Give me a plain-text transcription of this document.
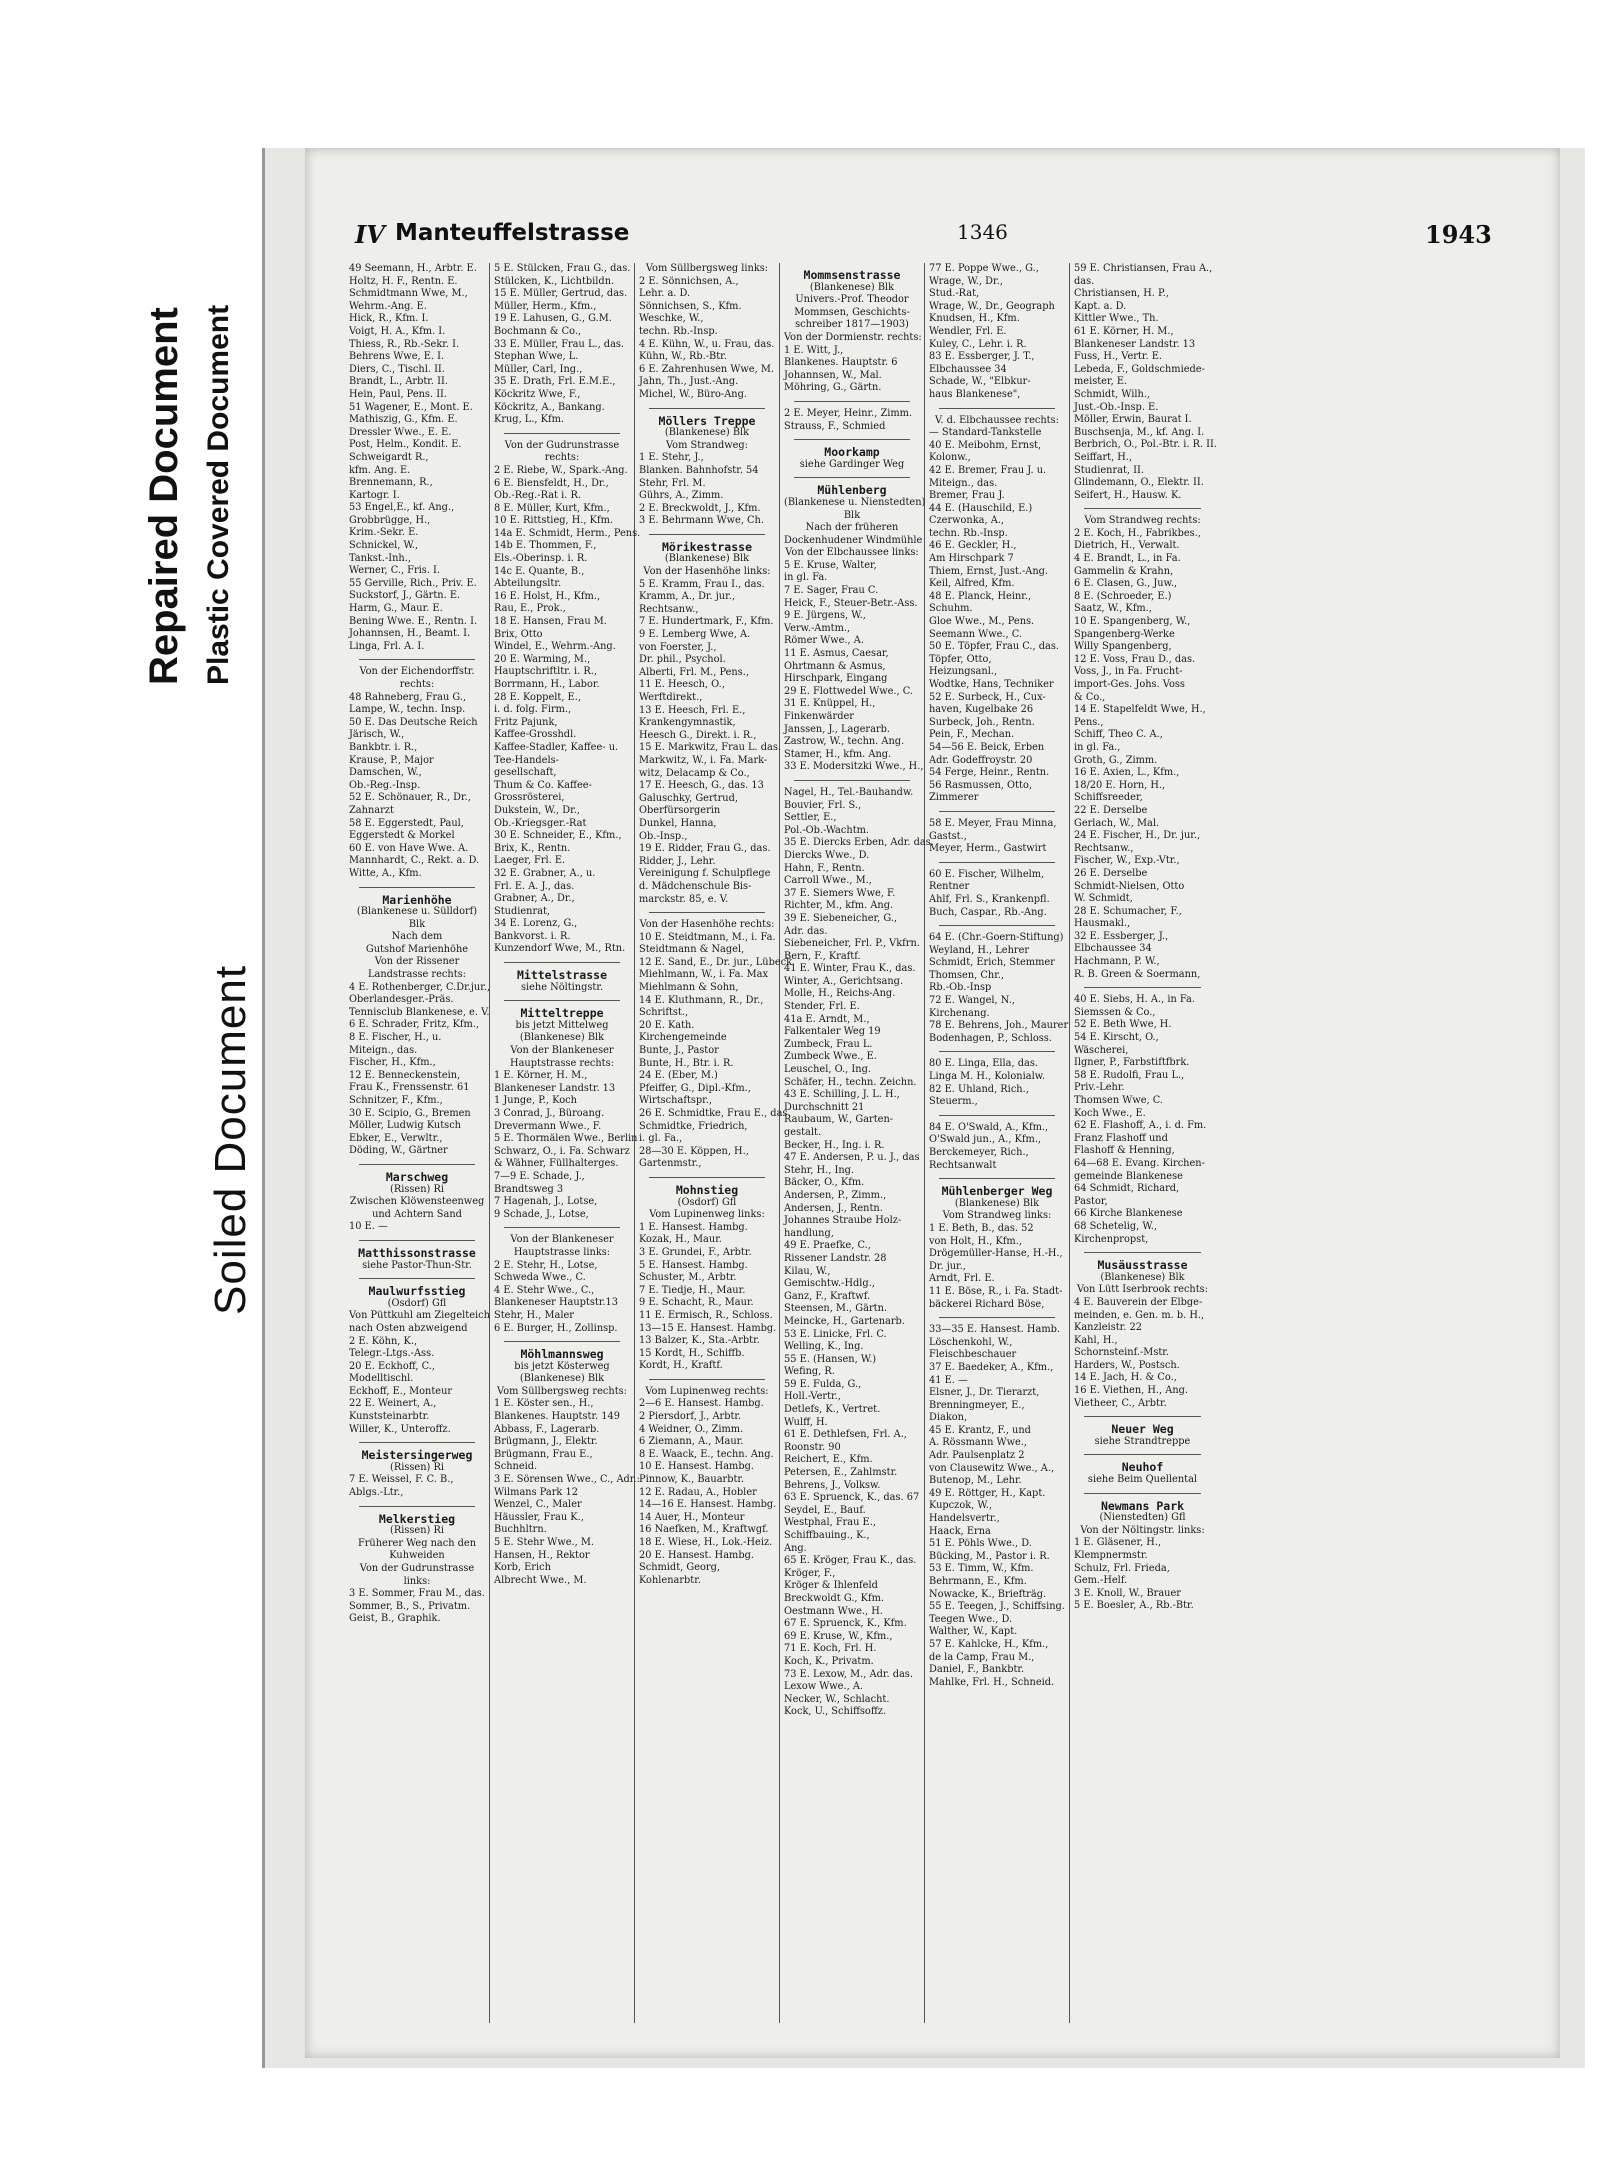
Repaired Document Plastic Covered Document
Soiled Document
IV Manteuffelstrasse	1346	1943

49 Seemann, H., Arbtr. E.

Holtz, H. F., Rentn. E.

Schmidtmann Wwe, M.,

Wehrm.-Ang. E.

Hick, R., Kfm. I.

Voigt, H. A., Kfm. I.

Thiess, R., Rb.-Sekr. I.

Behrens Wwe, E. I.

Diers, C., Tischl. II.

Brandt, L., Arbtr. II.

Hein, Paul, Pens. II.

51 Wagener, E., Mont. E.

Mathiszig, G., Kfm. E.

Dressler Wwe., E. E.

Post, Helm., Kondit. E.

Schweigardt R.,

kfm. Ang. E.

Brennemann, R.,

Kartogr. I.

53 Engel,E., kf. Ang.,

Grobbrügge, H.,

Krim.-Sekr. E.

Schnickel, W.,

Tankst.-Inh.,

Werner, C., Fris. I.

55 Gerville, Rich., Priv. E.

Suckstorf, J., Gärtn. E.

Harm, G., Maur. E.

Bening Wwe. E., Rentn. I.

Johannsen, H., Beamt. I.

Linga, Frl. A. I.

Von der Eichendorffstr.

rechts:

48 Rahneberg, Frau G.,

Lampe, W., techn. Insp.

50 E. Das Deutsche Reich

Järisch, W.,

Bankbtr. i. R.,

Krause, P., Major

Damschen, W.,

Ob.-Reg.-Insp.

52 E. Schönauer, R., Dr.,

Zahnarzt

58 E. Eggerstedt, Paul,

Eggerstedt & Morkel

60 E. von Have Wwe. A.

Mannhardt, C., Rekt. a. D.

Witte, A., Kfm.

Marienhöhe

(Blankenese u. Sülldorf)

Blk

Nach dem

Gutshof Marienhöhe

Von der Rissener

Landstrasse rechts:

4 E. Rothenberger, C.Dr.jur.,

Oberlandesger.-Präs.

Tennisclub Blankenese, e. V.

6 E. Schrader, Fritz, Kfm.,

8 E. Fischer, H., u.

Miteign., das.

Fischer, H., Kfm.,

12 E. Benneckenstein,

Frau K., Frenssenstr. 61

Schnitzer, F., Kfm.,

30 E. Scipio, G., Bremen

Möller, Ludwig Kutsch

Ebker, E., Verwltr.,

Döding, W., Gärtner

Marschweg

(Rissen) Ri

Zwischen Klöwensteenweg

und Achtern Sand

10 E. —

Matthissonstrasse

siehe Pastor-Thun-Str.

Maulwurfsstieg

(Osdorf) Gfl

Von Püttkuhl am Ziegelteich

nach Osten abzweigend

2 E. Köhn, K.,

Telegr.-Ltgs.-Ass.

20 E. Eckhoff, C.,

Modelltischl.

Eckhoff, E., Monteur

22 E. Weinert, A.,

Kunststeinarbtr.

Willer, K., Unteroffz.

Meistersingerweg

(Rissen) Ri

7 E. Weissel, F. C. B.,

Ablgs.-Ltr.,

Melkerstieg

(Rissen) Ri

Früherer Weg nach den

Kuhweiden

Von der Gudrunstrasse

links:

3 E. Sommer, Frau M., das.

Sommer, B., S., Privatm.

Geist, B., Graphik.

5 E. Stülcken, Frau G., das.

Stülcken, K., Lichtbildn.

15 E. Müller, Gertrud, das.

Müller, Herm., Kfm.,

19 E. Lahusen, G., G.M.

Bochmann & Co.,

33 E. Müller, Frau L., das.

Stephan Wwe, L.

Müller, Carl, Ing.,

35 E. Drath, Frl. E.M.E.,

Köckritz Wwe, F.,

Köckritz, A., Bankang.

Krug, L., Kfm.

Von der Gudrunstrasse

rechts:

2 E. Riebe, W., Spark.-Ang.

6 E. Biensfeldt, H., Dr.,

Ob.-Reg.-Rat i. R.

8 E. Müller, Kurt, Kfm.,

10 E. Rittstieg, H., Kfm.

14a E. Schmidt, Herm., Pens.

14b E. Thommen, F.,

Els.-Oberinsp. i. R.

14c E. Quante, B.,

Abteilungsltr.

16 E. Holst, H., Kfm.,

Rau, E., Prok.,

18 E. Hansen, Frau M.

Brix, Otto

Windel, E., Wehrm.-Ang.

20 E. Warming, M.,

Hauptschriftltr. i. R.,

Borrmann, H., Labor.

28 E. Koppelt, E.,

i. d. folg. Firm.,

Fritz Pajunk,

Kaffee-Grosshdl.

Kaffee-Stadler, Kaffee- u.

Tee-Handels-

gesellschaft,

Thum & Co. Kaffee-

Grossrösterei,

Dukstein, W., Dr.,

Ob.-Kriegsger.-Rat

30 E. Schneider, E., Kfm.,

Brix, K., Rentn.

Laeger, Frl. E.

32 E. Grabner, A., u.

Frl. E. A. J., das.

Grabner, A., Dr.,

Studienrat,

34 E. Lorenz, G.,

Bankvorst. i. R.

Kunzendorf Wwe, M., Rtn.

Mittelstrasse

siehe Nöltingstr.

Mitteltreppe

bis jetzt Mittelweg

(Blankenese) Blk

Von der Blankeneser

Hauptstrasse rechts:

1 E. Körner, H. M.,

Blankeneser Landstr. 13

1 Junge, P., Koch

3 Conrad, J., Büroang.

Drevermann Wwe., F.

5 E. Thormälen Wwe., Berlin

Schwarz, O., i. Fa. Schwarz

& Wähner, Füllhalterges.

7—9 E. Schade, J.,

Brandtsweg 3

7 Hagenah, J., Lotse,

9 Schade, J., Lotse,

Von der Blankeneser

Hauptstrasse links:

2 E. Stehr, H., Lotse,

Schweda Wwe., C.

4 E. Stehr Wwe., C.,

Blankeneser Hauptstr.13

Stehr, H., Maler

6 E. Burger, H., Zollinsp.

Möhlmannsweg

bis jetzt Kösterweg

(Blankenese) Blk

Vom Süllbergsweg rechts:

1 E. Köster sen., H.,

Blankenes. Hauptstr. 149

Abbass, F., Lagerarb.

Brügmann, J., Elektr.

Brügmann, Frau E.,

Schneid.

3 E. Sörensen Wwe., C., Adr.:

Wilmans Park 12

Wenzel, C., Maler

Häussler, Frau K.,

Buchhltrn.

5 E. Stehr Wwe., M.

Hansen, H., Rektor

Korb, Erich

Albrecht Wwe., M.

Vom Süllbergsweg links:

2 E. Sönnichsen, A.,

Lehr. a. D.

Sönnichsen, S., Kfm.

Weschke, W.,

techn. Rb.-Insp.

4 E. Kühn, W., u. Frau, das.

Kühn, W., Rb.-Btr.

6 E. Zahrenhusen Wwe, M.

Jahn, Th., Just.-Ang.

Michel, W., Büro-Ang.

Möllers Treppe

(Blankenese) Blk

Vom Strandweg:

1 E. Stehr, J.,

Blanken. Bahnhofstr. 54

Stehr, Frl. M.

Gührs, A., Zimm.

2 E. Breckwoldt, J., Kfm.

3 E. Behrmann Wwe, Ch.

Mörikestrasse

(Blankenese) Blk

Von der Hasenhöhe links:

5 E. Kramm, Frau I., das.

Kramm, A., Dr. jur.,

Rechtsanw.,

7 E. Hundertmark, F., Kfm.

9 E. Lemberg Wwe, A.

von Foerster, J.,

Dr. phil., Psychol.

Alberti, Frl. M., Pens.,

11 E. Heesch, O.,

Werftdirekt.,

13 E. Heesch, Frl. E.,

Krankengymnastik,

Heesch G., Direkt. i. R.,

15 E. Markwitz, Frau L. das.

Markwitz, W., i. Fa. Mark-

witz, Delacamp & Co.,

17 E. Heesch, G., das. 13

Galuschky, Gertrud,

Oberfürsorgerin

Dunkel, Hanna,

Ob.-Insp.,

19 E. Ridder, Frau G., das.

Ridder, J., Lehr.

Vereinigung f. Schulpflege

d. Mädchenschule Bis-

marckstr. 85, e. V.

Von der Hasenhöhe rechts:

10 E. Steidtmann, M., i. Fa.

Steidtmann & Nagel,

12 E. Sand, E., Dr. jur., Lübeck

Miehlmann, W., i. Fa. Max

Miehlmann & Sohn,

14 E. Kluthmann, R., Dr.,

Schriftst.,

20 E. Kath.

Kirchengemeinde

Bunte, J., Pastor

Bunte, H., Btr. i. R.

24 E. (Eber, M.)

Pfeiffer, G., Dipl.-Kfm.,

Wirtschaftspr.,

26 E. Schmidtke, Frau E., das.

Schmidtke, Friedrich,

i. gl. Fa.,

28—30 E. Köppen, H.,

Gartenmstr.,

Mohnstieg

(Osdorf) Gfl

Vom Lupinenweg links:

1 E. Hansest. Hambg.

Kozak, H., Maur.

3 E. Grundei, F., Arbtr.

5 E. Hansest. Hambg.

Schuster, M., Arbtr.

7 E. Tiedje, H., Maur.

9 E. Schacht, R., Maur.

11 E. Ermisch, R., Schloss.

13—15 E. Hansest. Hambg.

13 Balzer, K., Sta.-Arbtr.

15 Kordt, H., Schiffb.

Kordt, H., Kraftf.

Vom Lupinenweg rechts:

2—6 E. Hansest. Hambg.

2 Piersdorf, J., Arbtr.

4 Weidner, O., Zimm.

6 Ziemann, A., Maur.

8 E. Waack, E., techn. Ang.

10 E. Hansest. Hambg.

Pinnow, K., Bauarbtr.

12 E. Radau, A., Hobler

14—16 E. Hansest. Hambg.

14 Auer, H., Monteur

16 Naefken, M., Kraftwgf.

18 E. Wiese, H., Lok.-Heiz.

20 E. Hansest. Hambg.

Schmidt, Georg,

Kohlenarbtr.

Mommsenstrasse

(Blankenese) Blk

Univers.-Prof. Theodor

Mommsen, Geschichts-

schreiber 1817—1903)

Von der Dormienstr. rechts:

1 E. Witt, J.,

Blankenes. Hauptstr. 6

Johannsen, W., Mal.

Möhring, G., Gärtn.

2 E. Meyer, Heinr., Zimm.

Strauss, F., Schmied

Moorkamp

siehe Gardinger Weg

Mühlenberg

(Blankenese u. Nienstedten)

Blk

Nach der früheren

Dockenhudener Windmühle

Von der Elbchaussee links:

5 E. Kruse, Walter,

in gl. Fa.

7 E. Sager, Frau C.

Heick, F., Steuer-Betr.-Ass.

9 E. Jürgens, W.,

Verw.-Amtm.,

Römer Wwe., A.

11 E. Asmus, Caesar,

Ohrtmann & Asmus,

Hirschpark, Eingang

29 E. Flottwedel Wwe., C.

31 E. Knüppel, H.,

Finkenwärder

Janssen, J., Lagerarb.

Zastrow, W., techn. Ang.

Stamer, H., kfm. Ang.

33 E. Modersitzki Wwe., H.,

Nagel, H., Tel.-Bauhandw.

Bouvier, Frl. S.,

Settler, E.,

Pol.-Ob.-Wachtm.

35 E. Diercks Erben, Adr. das.

Diercks Wwe., D.

Hahn, F., Rentn.

Carroll Wwe., M.,

37 E. Siemers Wwe, F.

Richter, M., kfm. Ang.

39 E. Siebeneicher, G.,

Adr. das.

Siebeneicher, Frl. P., Vkfrn.

Bern, F., Kraftf.

41 E. Winter, Frau K., das.

Winter, A., Gerichtsang.

Molle, H., Reichs-Ang.

Stender, Frl. E.

41a E. Arndt, M.,

Falkentaler Weg 19

Zumbeck, Frau L.

Zumbeck Wwe., E.

Leuschel, O., Ing.

Schäfer, H., techn. Zeichn.

43 E. Schilling, J. L. H.,

Durchschnitt 21

Raubaum, W., Garten-

gestalt.

Becker, H., Ing. i. R.

47 E. Andersen, P. u. J., das

Stehr, H., Ing.

Bäcker, O., Kfm.

Andersen, P., Zimm.,

Andersen, J., Rentn.

Johannes Straube Holz-

handlung,

49 E. Praefke, C.,

Rissener Landstr. 28

Kilau, W.,

Gemischtw.-Hdlg.,

Ganz, F., Kraftwf.

Steensen, M., Gärtn.

Meincke, H., Gartenarb.

53 E. Linicke, Frl. C.

Welling, K., Ing.

55 E. (Hansen, W.)

Wefing, R.

59 E. Fulda, G.,

Holl.-Vertr.,

Detlefs, K., Vertret.

Wulff, H.

61 E. Dethlefsen, Frl. A.,

Roonstr. 90

Reichert, E., Kfm.

Petersen, E., Zahlmstr.

Behrens, J., Volksw.

63 E. Spruenck, K., das. 67

Seydel, E., Bauf.

Westphal, Frau E.,

Schiffbauing., K.,

Ang.

65 E. Kröger, Frau K., das.

Kröger, F.,

Kröger & Ihlenfeld

Breckwoldt G., Kfm.

Oestmann Wwe., H.

67 E. Spruenck, K., Kfm.

69 E. Kruse, W., Kfm.,

71 E. Koch, Frl. H.

Koch, K., Privatm.

73 E. Lexow, M., Adr. das.

Lexow Wwe., A.

Necker, W., Schlacht.

Kock, U., Schiffsoffz.

77 E. Poppe Wwe., G.,

Wrage, W., Dr.,

Stud.-Rat,

Wrage, W., Dr., Geograph

Knudsen, H., Kfm.

Wendler, Frl. E.

Kuley, C., Lehr. i. R.

83 E. Essberger, J. T.,

Elbchaussee 34

Schade, W., "Elbkur-

haus Blankenese",

V. d. Elbchaussee rechts:

— Standard-Tankstelle

40 E. Meibohm, Ernst,

Kolonw.,

42 E. Bremer, Frau J. u.

Miteign., das.

Bremer, Frau J.

44 E. (Hauschild, E.)

Czerwonka, A.,

techn. Rb.-Insp.

46 E. Geckler, H.,

Am Hirschpark 7

Thiem, Ernst, Just.-Ang.

Keil, Alfred, Kfm.

48 E. Planck, Heinr.,

Schuhm.

Gloe Wwe., M., Pens.

Seemann Wwe., C.

50 E. Töpfer, Frau C., das.

Töpfer, Otto,

Heizungsanl.,

Wodtke, Hans, Techniker

52 E. Surbeck, H., Cux-

haven, Kugelbake 26

Surbeck, Joh., Rentn.

Pein, F., Mechan.

54—56 E. Beick, Erben

Adr. Godeffroystr. 20

54 Ferge, Heinr., Rentn.

56 Rasmussen, Otto,

Zimmerer

58 E. Meyer, Frau Minna,

Gastst.,

Meyer, Herm., Gastwirt

60 E. Fischer, Wilhelm,

Rentner

Ahlf, Frl. S., Krankenpfl.

Buch, Caspar., Rb.-Ang.

64 E. (Chr.-Goern-Stiftung)

Weyland, H., Lehrer

Schmidt, Erich, Stemmer

Thomsen, Chr.,

Rb.-Ob.-Insp

72 E. Wangel, N.,

Kirchenang.

78 E. Behrens, Joh., Maurer

Bodenhagen, P., Schloss.

80 E. Linga, Ella, das.

Linga M. H., Kolonialw.

82 E. Uhland, Rich.,

Steuerm.,

84 E. O'Swald, A., Kfm.,

O'Swald jun., A., Kfm.,

Berckemeyer, Rich.,

Rechtsanwalt

Mühlenberger Weg

(Blankenese) Blk

Vom Strandweg links:

1 E. Beth, B., das. 52

von Holt, H., Kfm.,

Drögemüller-Hanse, H.-H.,

Dr. jur.,

Arndt, Frl. E.

11 E. Böse, R., i. Fa. Stadt-

bäckerei Richard Böse,

33—35 E. Hansest. Hamb.

Löschenkohl, W.,

Fleischbeschauer

37 E. Baedeker, A., Kfm.,

41 E. —

Elsner, J., Dr. Tierarzt,

Brenningmeyer, E.,

Diakon,

45 E. Krantz, F., und

A. Rössmann Wwe.,

Adr. Paulsenplatz 2

von Clausewitz Wwe., A.,

Butenop, M., Lehr.

49 E. Röttger, H., Kapt.

Kupczok, W.,

Handelsvertr.,

Haack, Erna

51 E. Pöhls Wwe., D.

Bücking, M., Pastor i. R.

53 E. Timm, W., Kfm.

Behrmann, E., Kfm.

Nowacke, K., Briefträg.

55 E. Teegen, J., Schiffsing.

Teegen Wwe., D.

Walther, W., Kapt.

57 E. Kahlcke, H., Kfm.,

de la Camp, Frau M.,

Daniel, F., Bankbtr.

Mahlke, Frl. H., Schneid.

59 E. Christiansen, Frau A.,

das.

Christiansen, H. P.,

Kapt. a. D.

Kittler Wwe., Th.

61 E. Körner, H. M.,

Blankeneser Landstr. 13

Fuss, H., Vertr. E.

Lebeda, F., Goldschmiede-

meister, E.

Schmidt, Wilh.,

Just.-Ob.-Insp. E.

Möller, Erwin, Baurat I.

Buschsenja, M., kf. Ang. I.

Berbrich, O., Pol.-Btr. i. R. II.

Seiffart, H.,

Studienrat, II.

Glindemann, O., Elektr. II.

Seifert, H., Hausw. K.

Vom Strandweg rechts:

2 E. Koch, H., Fabrikbes.,

Dietrich, H., Verwalt.

4 E. Brandt, L., in Fa.

Gammelin & Krahn,

6 E. Clasen, G., Juw.,

8 E. (Schroeder, E.)

Saatz, W., Kfm.,

10 E. Spangenberg, W.,

Spangenberg-Werke

Willy Spangenberg,

12 E. Voss, Frau D., das.

Voss, J., in Fa. Frucht-

import-Ges. Johs. Voss

& Co.,

14 E. Stapelfeldt Wwe, H.,

Pens.,

Schiff, Theo C. A.,

in gl. Fa.,

Groth, G., Zimm.

16 E. Axien, L., Kfm.,

18/20 E. Horn, H.,

Schiffsreeder,

22 E. Derselbe

Gerlach, W., Mal.

24 E. Fischer, H., Dr. jur.,

Rechtsanw.,

Fischer, W., Exp.-Vtr.,

26 E. Derselbe

Schmidt-Nielsen, Otto

W. Schmidt,

28 E. Schumacher, F.,

Hausmakl.,

32 E. Essberger, J.,

Elbchaussee 34

Hachmann, P. W.,

R. B. Green & Soermann,

40 E. Siebs, H. A., in Fa.

Siemssen & Co.,

52 E. Beth Wwe, H.

54 E. Kirscht, O.,

Wäscherei,

Ilgner, P., Farbstiftfbrk.

58 E. Rudolfi, Frau L.,

Priv.-Lehr.

Thomsen Wwe, C.

Koch Wwe., E.

62 E. Flashoff, A., i. d. Fm.

Franz Flashoff und

Flashoff & Henning,

64—68 E. Evang. Kirchen-

gemeinde Blankenese

64 Schmidt, Richard,

Pastor,

66 Kirche Blankenese

68 Schetelig, W.,

Kirchenpropst,

Musäusstrasse

(Blankenese) Blk

Von Lütt Iserbrook rechts:

4 E. Bauverein der Elbge-

meinden, e. Gen. m. b. H.,

Kanzleistr. 22

Kahl, H.,

Schornsteinf.-Mstr.

Harders, W., Postsch.

14 E. Jach, H. & Co.,

16 E. Viethen, H., Ang.

Vietheer, C., Arbtr.

Neuer Weg

siehe Strandtreppe

Neuhof

siehe Beim Quellental

Newmans Park

(Nienstedten) Gfl

Von der Nöltingstr. links:

1 E. Gläsener, H.,

Klempnermstr.

Schulz, Frl. Frieda,

Gem.-Helf.

3 E. Knoll, W., Brauer

5 E. Boesler, A., Rb.-Btr.
